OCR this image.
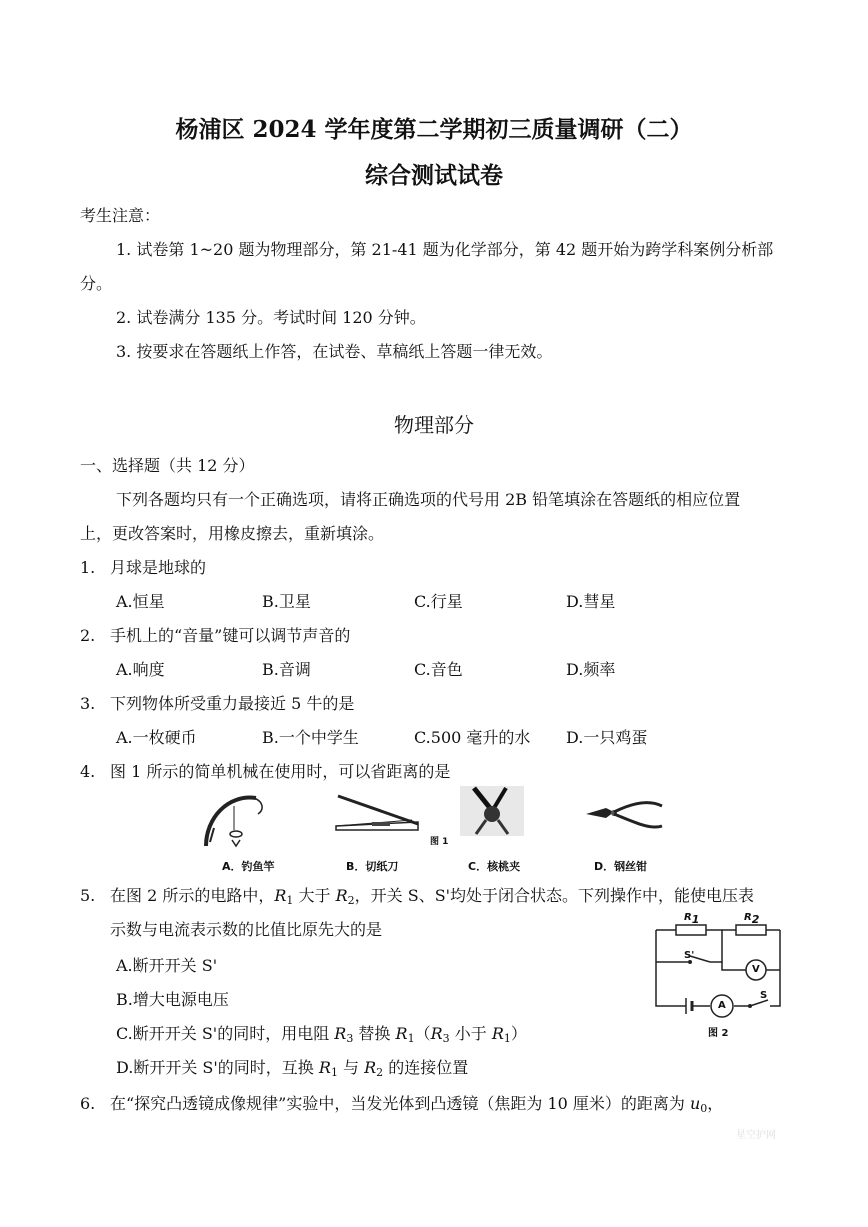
杨浦区 2024 学年度第二学期初三质量调研（二）
综合测试试卷
考生注意：
1. 试卷第 1~20 题为物理部分，第 21-41 题为化学部分，第 42 题开始为跨学科案例分析部
分。
2. 试卷满分 135 分。考试时间 120 分钟。
3. 按要求在答题纸上作答，在试卷、草稿纸上答题一律无效。
物理部分
一、选择题（共 12 分）
下列各题均只有一个正确选项，请将正确选项的代号用 2B 铅笔填涂在答题纸的相应位置
上，更改答案时，用橡皮擦去，重新填涂。
1. 月球是地球的
A.恒星	B.卫星	C.行星	D.彗星
2. 手机上的“音量”键可以调节声音的
A.响度	B.音调	C.音色	D.频率
3. 下列物体所受重力最接近 5 牛的是
A.一枚硬币	B.一个中学生	C.500 毫升的水 D.一只鸡蛋
4. 图 1 所示的简单机械在使用时，可以省距离的是
A．钓鱼竿	B．切纸刀
图 1
C．核桃夹	D．钢丝钳
5. 在图 2 所示的电路中，$R_1$ 大于 $R_2$，开关 S、S'均处于闭合状态。下列操作中，能使电压表
示数与电流表示数的比值比原先大的是
A.断开开关 S'
B.增大电源电压
C.断开开关 S'的同时，用电阻 $R_3$ 替换 $R_1(R_3$ 小于 $R_1$）
D.断开开关 S'的同时，互换 $R_1$ 与 $R_2$ 的连接位置
$R_1$	$R_2$
S'
V
A
S
图 2
6. 在“探究凸透镜成像规律”实验中，当发光体到凸透镜（焦距为 10 厘米）的距离为 $u_0$，
星空护网
